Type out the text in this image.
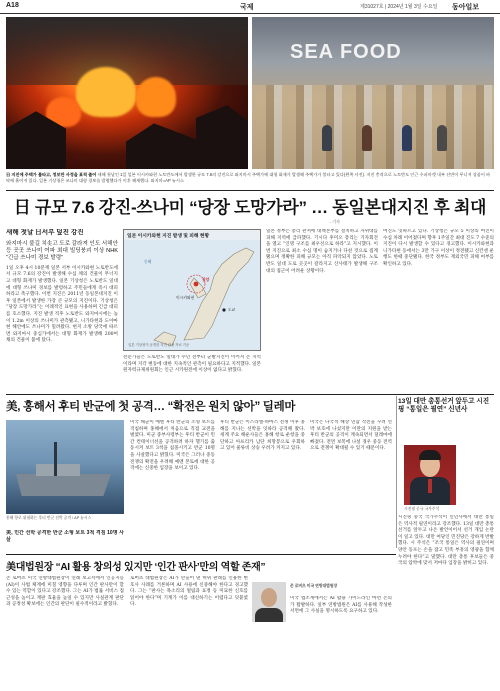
A18	국제	제31027호 | 2024년 1월 3일 수요일 동아일보
SEA FOOD
日 지진에 주택가 불타고, 정보만 사정을 표적 줄어 새해 첫날인 1일 일본 이시카와현 노토반도에서 발생한 규모 7.6의 강진으로 와지마시 주택가에 대형 화재가 발생해 주택가가 불타고 있다(왼쪽 사진). 지진 충격으로 노토반도 인근 수퍼마켓 내부 선반이 무너져 상품이 바닥에 흩어져 있다. 일본 기상청은 쓰나미 대형 경보를 발령했다가 이후 해제했다. 와지마=AP 뉴시스
日 규모 7.6 강진-쓰나미 “당장 도망가라” … 동일본대지진 후 최대
…기자
새해 첫날 日서부 덮친 강진
와지마시 불길 치솟고 도로 갈라져 인도 서해안 등 곳곳 쓰나미 여파 최대 빌딩붕괴 이상 NHK “긴급 쓰나미 경보 발령”

1일 오후 4시 10분께 일본 서부 이시카와현 노토반도에서 규모 7.6의 강진이 발생해 수십 채의 건물이 무너지고 대형 화재가 발생했다. 일본 기상청은 노토반도 일대에 대형 쓰나미 경보를 발령하고 주민들에게 즉시 대피하라고 촉구했다. 이번 지진은 2011년 동일본대지진 이후 일본에서 발생한 가장 큰 규모의 지진이다. 기상청은 “당장 도망가라”는 이례적인 표현을 사용하며 긴급 대피를 호소했다. 지진 발생 직후 노토반도 와지마시에는 높이 1.2m 이상의 쓰나미가 관측됐고, 니가타현과 도야마현 해안에도 쓰나미가 밀려왔다. 현지 소방 당국에 따르면 와지마시 중심가에서는 대형 화재가 발생해 200여 채의 건물이 불에 탔다.

일본 이시카와현 지진 발생 및 피해 현황
진앙
도쿄
이시카와현
동해
일본 기상청이 공개한 지진 관측 자료 기준

전문가들은 노토반도 일대가 수년 전부터 군발지진이 이어져 온 지역이라며 지각 변동에 대한 지속적인 관측이 필요하다고 지적했다. 일본 원자력규제위원회는 인근 시카원전에 이상이 없다고 밝혔다.

일본 정부는 총리 관저에 대책본부를 설치하고 자위대를 피해 지역에 급파했다. 기시다 후미오 총리는 기자회견을 열고 “인명 구조를 최우선으로 하라”고 지시했다. 이번 지진으로 최소 수십 명이 숨지거나 다친 것으로 집계됐으며 정확한 피해 규모는 아직 파악되지 않았다. 노토반도 일대 도로 곳곳이 갈라지고 산사태가 발생해 구조대의 접근이 어려운 상황이다.

여진도 잇따르고 있다. 기상청은 규모 5 이상의 여진이 수십 차례 이어졌다며 향후 1주일간 최대 진도 7 수준의 지진이 다시 발생할 수 있다고 경고했다. 이시카와현과 니가타현 등에서는 3만 가구 이상이 정전됐고 신칸센 운행도 한때 중단됐다. 한국 정부도 재외국민 피해 여부를 확인하고 있다.

美, 홍해서 후티 반군에 첫 공격… “확전은 원치 않아” 딜레마
홍해 항로 위협하는 후티 반군 선박 공격 / AP 뉴시스
美, 민간 선박 공격한 반군 소형 보트 3척 격침 10명 사살

미국 해군이 예멘 후티 반군의 소형 보트를 격침하며 홍해에서 처음으로 직접 교전을 벌였다. 미군 중부사령부는 후티 반군이 민간 컨테이너선을 공격하려 하자 헬기를 출동시켜 보트 3척을 침몰시키고 반군 10명을 사살했다고 밝혔다. 미국은 그러나 중동 전쟁의 확전을 우려해 예멘 본토에 대한 공격에는 신중한 입장을 보이고 있다.

후티 반군은 이스라엘-하마스 전쟁 이후 홍해를 지나는 선박을 잇따라 공격해 왔다. 세계 주요 해운사들은 홍해 항로 운항을 중단하고 아프리카 남단 희망봉으로 우회하고 있어 물류비 상승 우려가 커지고 있다.

미국은 다국적 해상 연합 작전을 꾸려 선박 보호에 나섰지만 이란의 지원을 받는 후티 반군의 공격이 계속되면서 딜레마에 빠졌다. 전면 보복에 나설 경우 중동 전역으로 전쟁이 확대될 수 있기 때문이다.

13일 대만 총통선거 앞두고 시진핑 “통일은 필연” 신년사
시진핑 중국 국가주석

시진핑 중국 국가주석이 신년사에서 대만 통일은 역사적 필연이라고 강조했다. 13일 대만 총통선거를 앞두고 나온 발언이어서 선거 개입 논란이 일고 있다. 대만 여당인 민진당은 강하게 반발했다. 시 주석은 “조국 통일은 역사의 필연이며 양안 동포는 손을 잡고 민족 부흥의 영광을 함께 누려야 한다”고 말했다. 대만 총통 후보들은 중국의 압박에 맞서 저마다 입장을 밝히고 있다.

美대법원장 “AI 활용 창의성 있지만 ‘인간 판사’만의 역할 존재”

존 로버츠 미국 연방대법원장이 연례 보고서에서 인공지능(AI)이 사법 체계에 미칠 영향을 다루며 인간 판사만이 할 수 있는 역할이 있다고 강조했다. 그는 AI가 법률 서비스 접근성을 높이고 재판 효율을 높일 수 있지만 사실관계 판단과 공정성 확보에는 인간의 판단이 필수적이라고 밝혔다.

로버츠 대법원장은 AI가 만들어 낸 허위 판례를 인용한 변호사 사례를 거론하며 AI 사용에 신중해야 한다고 경고했다. 그는 “판사는 목소리의 떨림과 표정 등 미묘한 신호를 읽어야 한다”며 기계가 이를 대신하기는 어렵다고 덧붙였다.

존 로버츠 미국 연방대법원장

미국 법조계에서는 AI 활용 가이드라인 마련 논의가 활발하다. 일부 연방법원은 AI를 사용해 작성한 서면에 그 사실을 명시하도록 요구하고 있다.
